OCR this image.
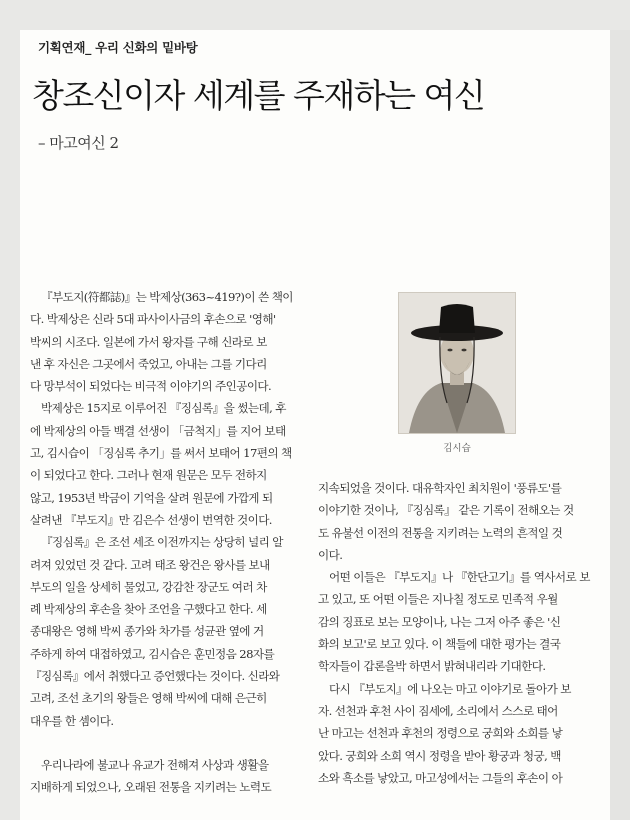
기획연재_ 우리 신화의 밑바탕
창조신이자 세계를 주재하는 여신
– 마고여신 2

『부도지(符都誌)』는 박제상(363~419?)이 쓴 책이
다. 박제상은 신라 5대 파사이사금의 후손으로 '영해'
박씨의 시조다. 일본에 가서 왕자를 구해 신라로 보
낸 후 자신은 그곳에서 죽었고, 아내는 그를 기다리
다 망부석이 되었다는 비극적 이야기의 주인공이다.

박제상은 15지로 이루어진 『징심록』을 썼는데, 후
에 박제상의 아들 백결 선생이 「금척지」를 지어 보태
고, 김시습이 「징심록 추기」를 써서 보태어 17편의 책
이 되었다고 한다. 그러나 현재 원문은 모두 전하지
않고, 1953년 박금이 기억을 살려 원문에 가깝게 되
살려낸 『부도지』만 김은수 선생이 번역한 것이다.

『징심록』은 조선 세조 이전까지는 상당히 널리 알
려져 있었던 것 같다. 고려 태조 왕건은 왕사를 보내
부도의 일을 상세히 물었고, 강감찬 장군도 여러 차
례 박제상의 후손을 찾아 조언을 구했다고 한다. 세
종대왕은 영해 박씨 종가와 차가를 성균관 옆에 거
주하게 하여 대접하였고, 김시습은 훈민정음 28자를
『징심록』에서 취했다고 증언했다는 것이다. 신라와
고려, 조선 초기의 왕들은 영해 박씨에 대해 은근히
대우를 한 셈이다.

우리나라에 불교나 유교가 전해져 사상과 생활을
지배하게 되었으나, 오래된 전통을 지키려는 노력도

김시습

지속되었을 것이다. 대유학자인 최치원이 '풍류도'를
이야기한 것이나, 『징심록』 같은 기록이 전해오는 것
도 유불선 이전의 전통을 지키려는 노력의 흔적일 것
이다.

어떤 이들은 『부도지』나 『한단고기』를 역사서로 보
고 있고, 또 어떤 이들은 지나칠 정도로 민족적 우월
감의 징표로 보는 모양이나, 나는 그저 아주 좋은 '신
화의 보고'로 보고 있다. 이 책들에 대한 평가는 결국
학자들이 갑론을박 하면서 밝혀내리라 기대한다.

다시 『부도지』에 나오는 마고 이야기로 돌아가 보
자. 선천과 후천 사이 짐세에, 소리에서 스스로 태어
난 마고는 선천과 후천의 정령으로 궁희와 소희를 낳
았다. 궁희와 소희 역시 정령을 받아 황궁과 청궁, 백
소와 흑소를 낳았고, 마고성에서는 그들의 후손이 아
